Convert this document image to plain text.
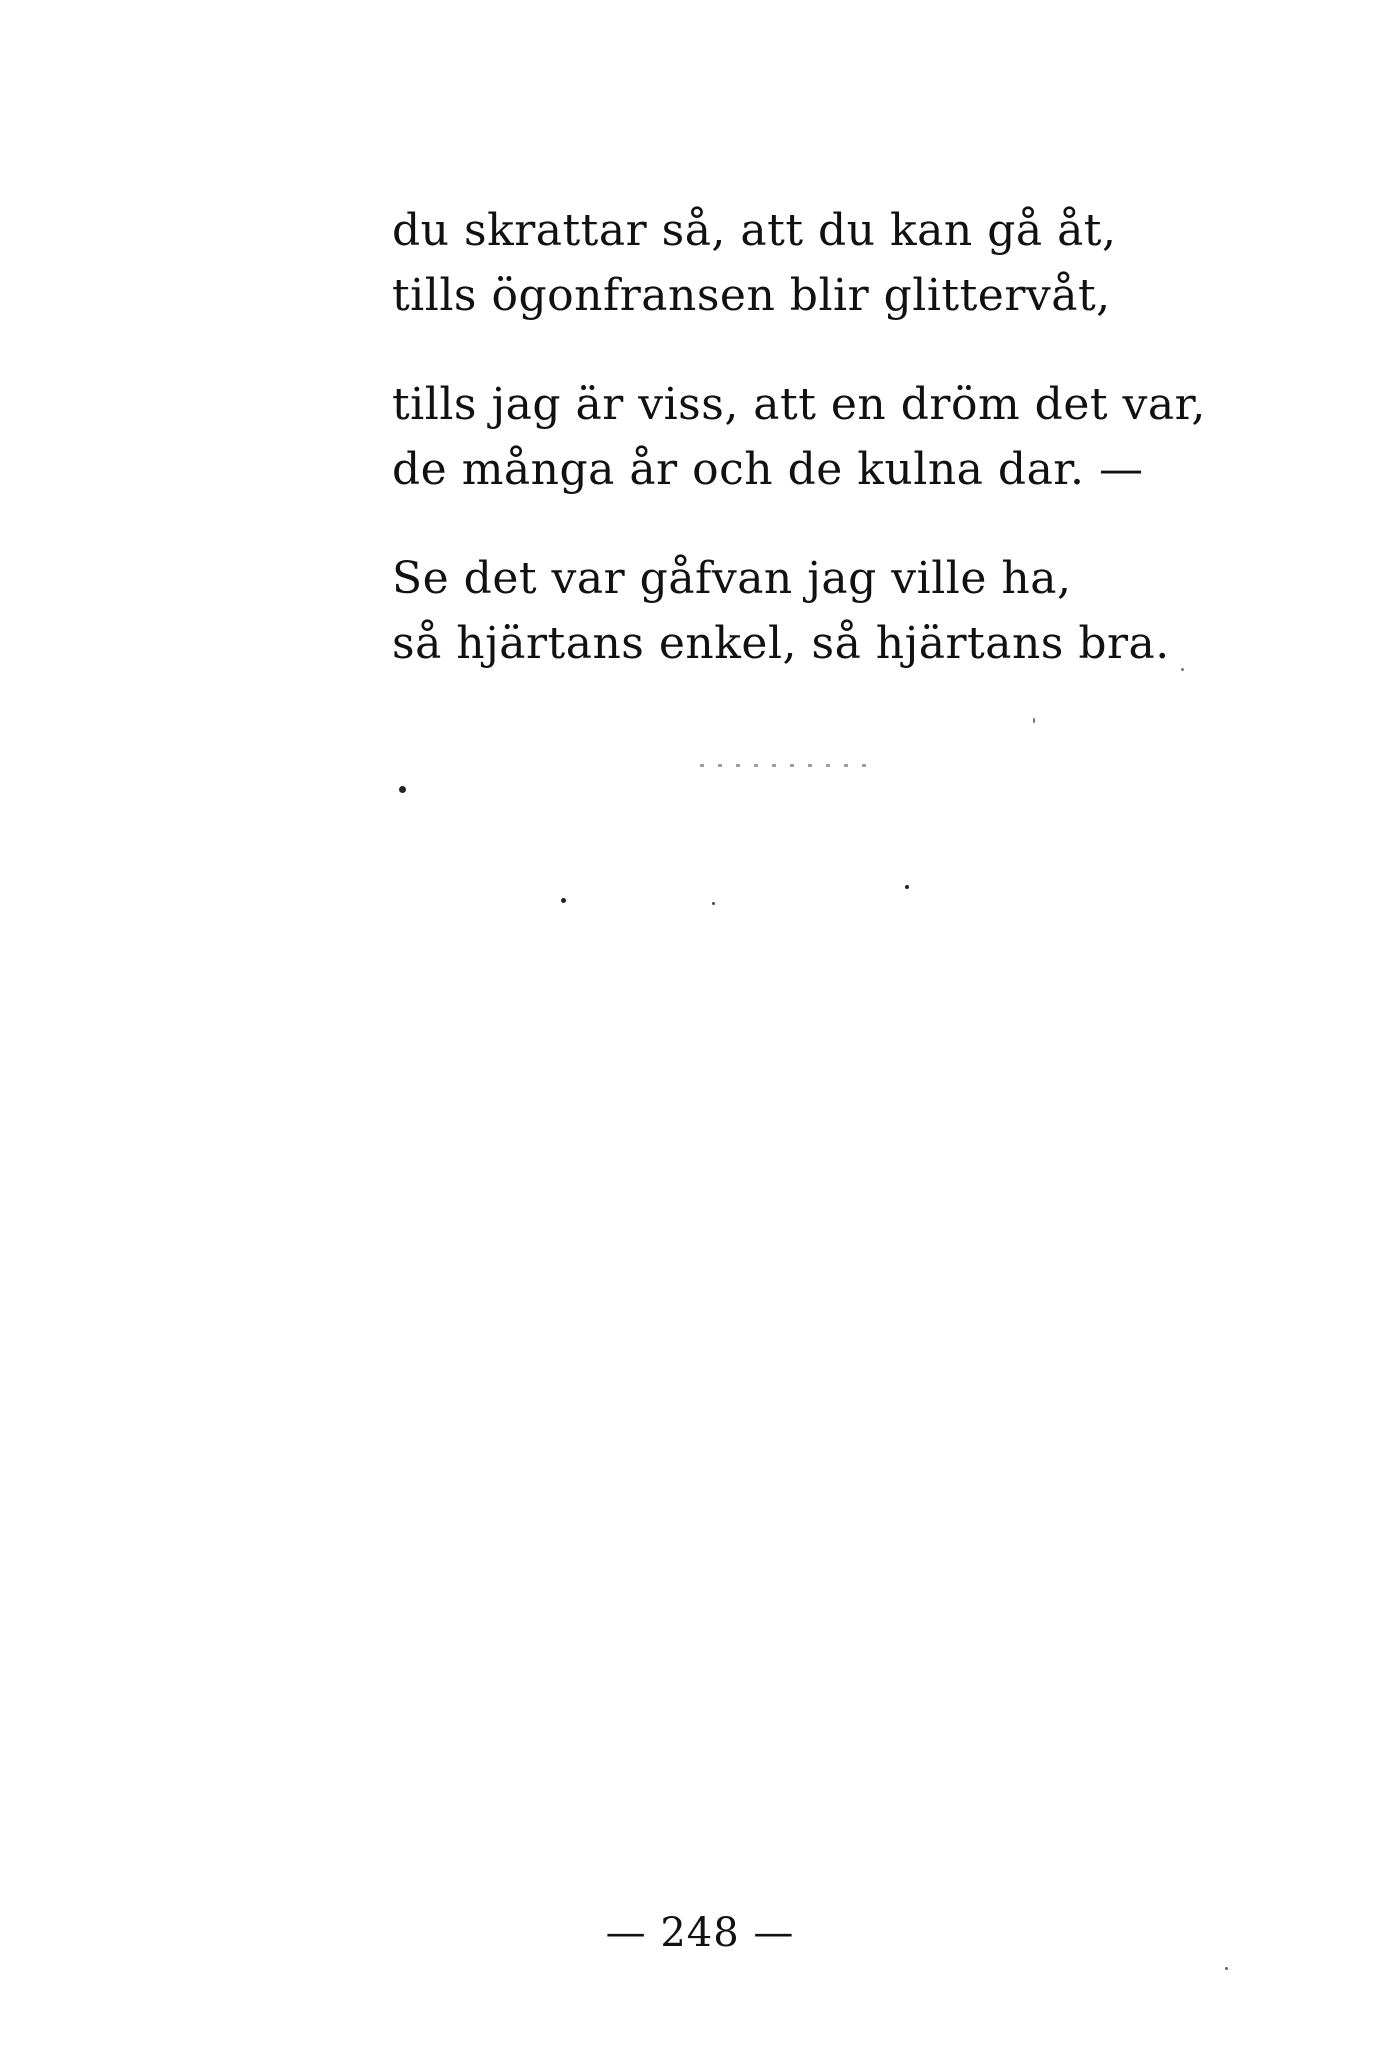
du skrattar så, att du kan gå åt,
tills ögonfransen blir glittervåt,
tills jag är viss, att en dröm det var,
de många år och de kulna dar. —
Se det var gåfvan jag ville ha,
så hjärtans enkel, så hjärtans bra.
— 248 —
